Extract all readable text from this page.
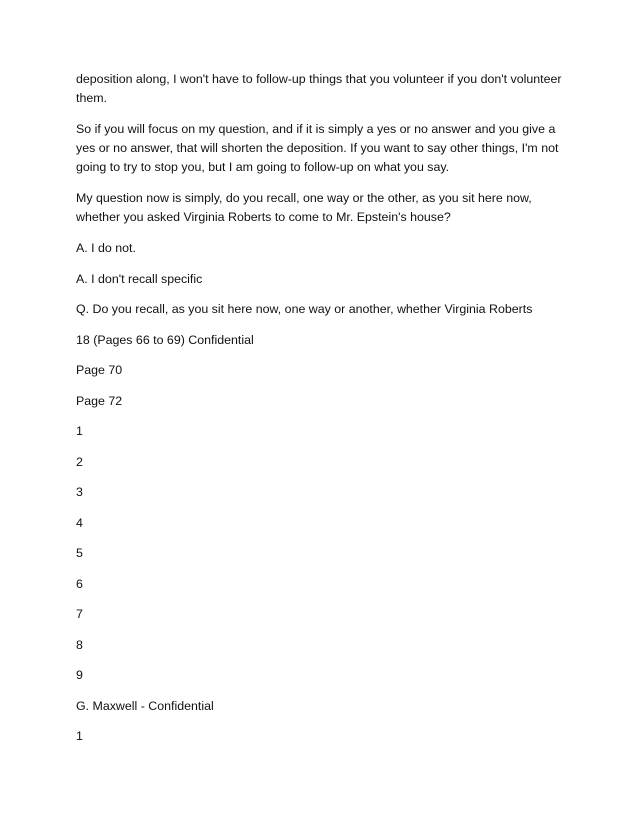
deposition along, I won't have to follow-up things that you volunteer if you don't volunteer them.

So if you will focus on my question, and if it is simply a yes or no answer and you give a yes or no answer, that will shorten the deposition. If you want to say other things, I'm not going to try to stop you, but I am going to follow-up on what you say.

My question now is simply, do you recall, one way or the other, as you sit here now, whether you asked Virginia Roberts to come to Mr. Epstein's house?

A. I do not.

A. I don't recall specific

Q. Do you recall, as you sit here now, one way or another, whether Virginia Roberts

18 (Pages 66 to 69) Confidential

Page 70

Page 72

1

2

3

4

5

6

7

8

9

G. Maxwell - Confidential

1
